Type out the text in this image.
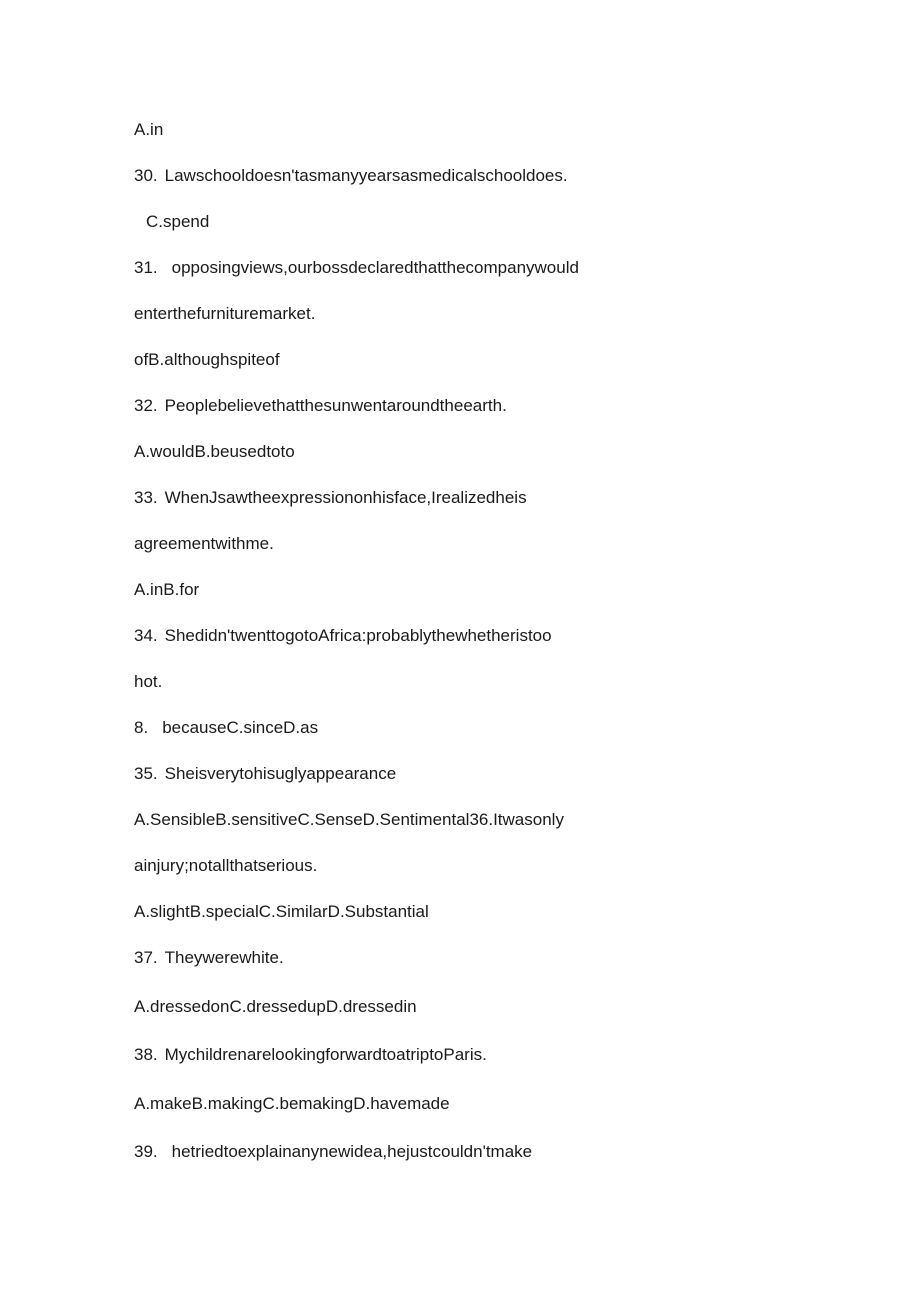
A.in
30. Lawschooldoesn'tasmanyyearsasmedicalschooldoes.
C.spend
31. opposingviews,ourbossdeclaredthatthecompanywould
enterthefurnituremarket.
ofB.althoughspiteof
32. Peoplebelievethatthesunwentaroundtheearth.
A.wouldB.beusedtoto
33. WhenJsawtheexpressiononhisface,Irealizedheis
agreementwithme.
A.inB.for
34. Shedidn'twenttogotoAfrica:probablythewhetheristoo
hot.
8. becauseC.sinceD.as
35. Sheisverytohisuglyappearance
A.SensibleB.sensitiveC.SenseD.Sentimental36.Itwasonly
ainjury;notallthatserious.
A.slightB.specialC.SimilarD.Substantial
37. Theywerewhite.
A.dressedonC.dressedupD.dressedin
38. MychildrenarelookingforwardtoatriptoParis.
A.makeB.makingC.bemakingD.havemade
39. hetriedtoexplainanynewidea,hejustcouldn'tmake
